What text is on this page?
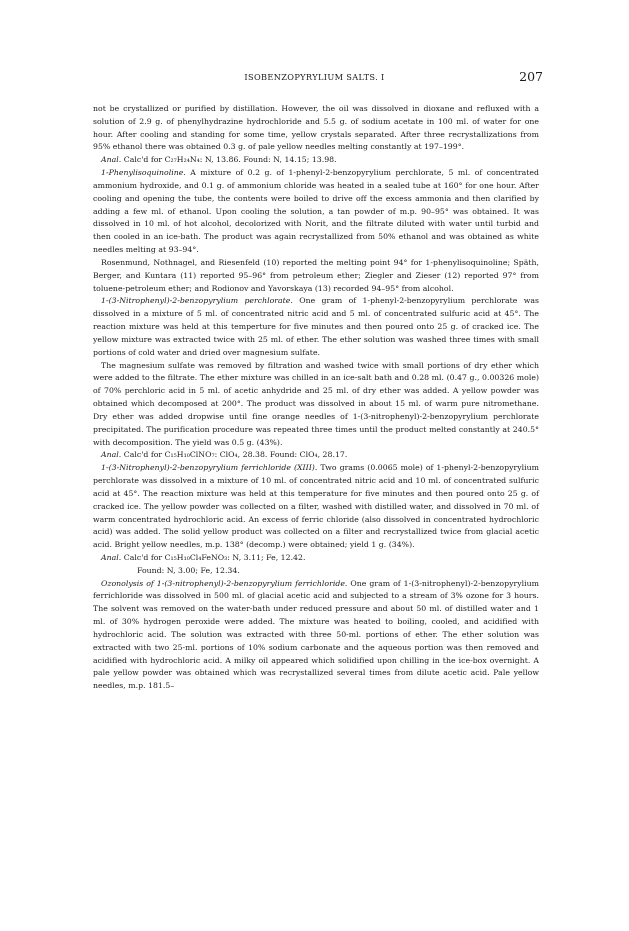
ISOBENZOPYRYLIUM SALTS. I	207

not be crystallized or purified by distillation. However, the oil was dissolved in dioxane and refluxed with a solution of 2.9 g. of phenylhydrazine hydrochloride and 5.5 g. of sodium acetate in 100 ml. of water for one hour. After cooling and standing for some time, yellow crystals separated. After three recrystallizations from 95% ethanol there was obtained 0.3 g. of pale yellow needles melting constantly at 197–199°.

Anal. Calc'd for C₂₇H₂₄N₄: N, 13.86. Found: N, 14.15; 13.98.

1-Phenylisoquinoline. A mixture of 0.2 g. of 1-phenyl-2-benzopyrylium perchlorate, 5 ml. of concentrated ammonium hydroxide, and 0.1 g. of ammonium chloride was heated in a sealed tube at 160° for one hour. After cooling and opening the tube, the contents were boiled to drive off the excess ammonia and then clarified by adding a few ml. of ethanol. Upon cooling the solution, a tan powder of m.p. 90–95° was obtained. It was dissolved in 10 ml. of hot alcohol, decolorized with Norit, and the filtrate diluted with water until turbid and then cooled in an ice-bath. The product was again recrystallized from 50% ethanol and was obtained as white needles melting at 93–94°.

Rosenmund, Nothnagel, and Riesenfeld (10) reported the melting point 94° for 1-phenylisoquinoline; Späth, Berger, and Kuntara (11) reported 95–96° from petroleum ether; Ziegler and Zieser (12) reported 97° from toluene-petroleum ether; and Rodionov and Yavorskaya (13) recorded 94–95° from alcohol.

1-(3-Nitrophenyl)-2-benzopyrylium perchlorate. One gram of 1-phenyl-2-benzopyrylium perchlorate was dissolved in a mixture of 5 ml. of concentrated nitric acid and 5 ml. of concentrated sulfuric acid at 45°. The reaction mixture was held at this temperture for five minutes and then poured onto 25 g. of cracked ice. The yellow mixture was extracted twice with 25 ml. of ether. The ether solution was washed three times with small portions of cold water and dried over magnesium sulfate.

The magnesium sulfate was removed by filtration and washed twice with small portions of dry ether which were added to the filtrate. The ether mixture was chilled in an ice-salt bath and 0.28 ml. (0.47 g., 0.00326 mole) of 70% perchloric acid in 5 ml. of acetic anhydride and 25 ml. of dry ether was added. A yellow powder was obtained which decomposed at 200°. The product was dissolved in about 15 ml. of warm pure nitromethane. Dry ether was added dropwise until fine orange needles of 1-(3-nitrophenyl)-2-benzopyrylium perchlorate precipitated. The purification procedure was repeated three times until the product melted constantly at 240.5° with decomposition. The yield was 0.5 g. (43%).

Anal. Calc'd for C₁₅H₁₀ClNO₇: ClO₄, 28.38. Found: ClO₄, 28.17.

1-(3-Nitrophenyl)-2-benzopyrylium ferrichloride (XIII). Two grams (0.0065 mole) of 1-phenyl-2-benzopyrylium perchlorate was dissolved in a mixture of 10 ml. of concentrated nitric acid and 10 ml. of concentrated sulfuric acid at 45°. The reaction mixture was held at this temperature for five minutes and then poured onto 25 g. of cracked ice. The yellow powder was collected on a filter, washed with distilled water, and dissolved in 70 ml. of warm concentrated hydrochloric acid. An excess of ferric chloride (also dissolved in concentrated hydrochloric acid) was added. The solid yellow product was collected on a filter and recrystallized twice from glacial acetic acid. Bright yellow needles, m.p. 138° (decomp.) were obtained; yield 1 g. (34%).

Anal. Calc'd for C₁₅H₁₀Cl₄FeNO₃: N, 3.11; Fe, 12.42.

Found: N, 3.00; Fe, 12.34.

Ozonolysis of 1-(3-nitrophenyl)-2-benzopyrylium ferrichloride. One gram of 1-(3-nitrophenyl)-2-benzopyrylium ferrichloride was dissolved in 500 ml. of glacial acetic acid and subjected to a stream of 3% ozone for 3 hours. The solvent was removed on the water-bath under reduced pressure and about 50 ml. of distilled water and 1 ml. of 30% hydrogen peroxide were added. The mixture was heated to boiling, cooled, and acidified with hydrochloric acid. The solution was extracted with three 50-ml. portions of ether. The ether solution was extracted with two 25-ml. portions of 10% sodium carbonate and the aqueous portion was then removed and acidified with hydrochloric acid. A milky oil appeared which solidified upon chilling in the ice-box overnight. A pale yellow powder was obtained which was recrystallized several times from dilute acetic acid. Pale yellow needles, m.p. 181.5–
